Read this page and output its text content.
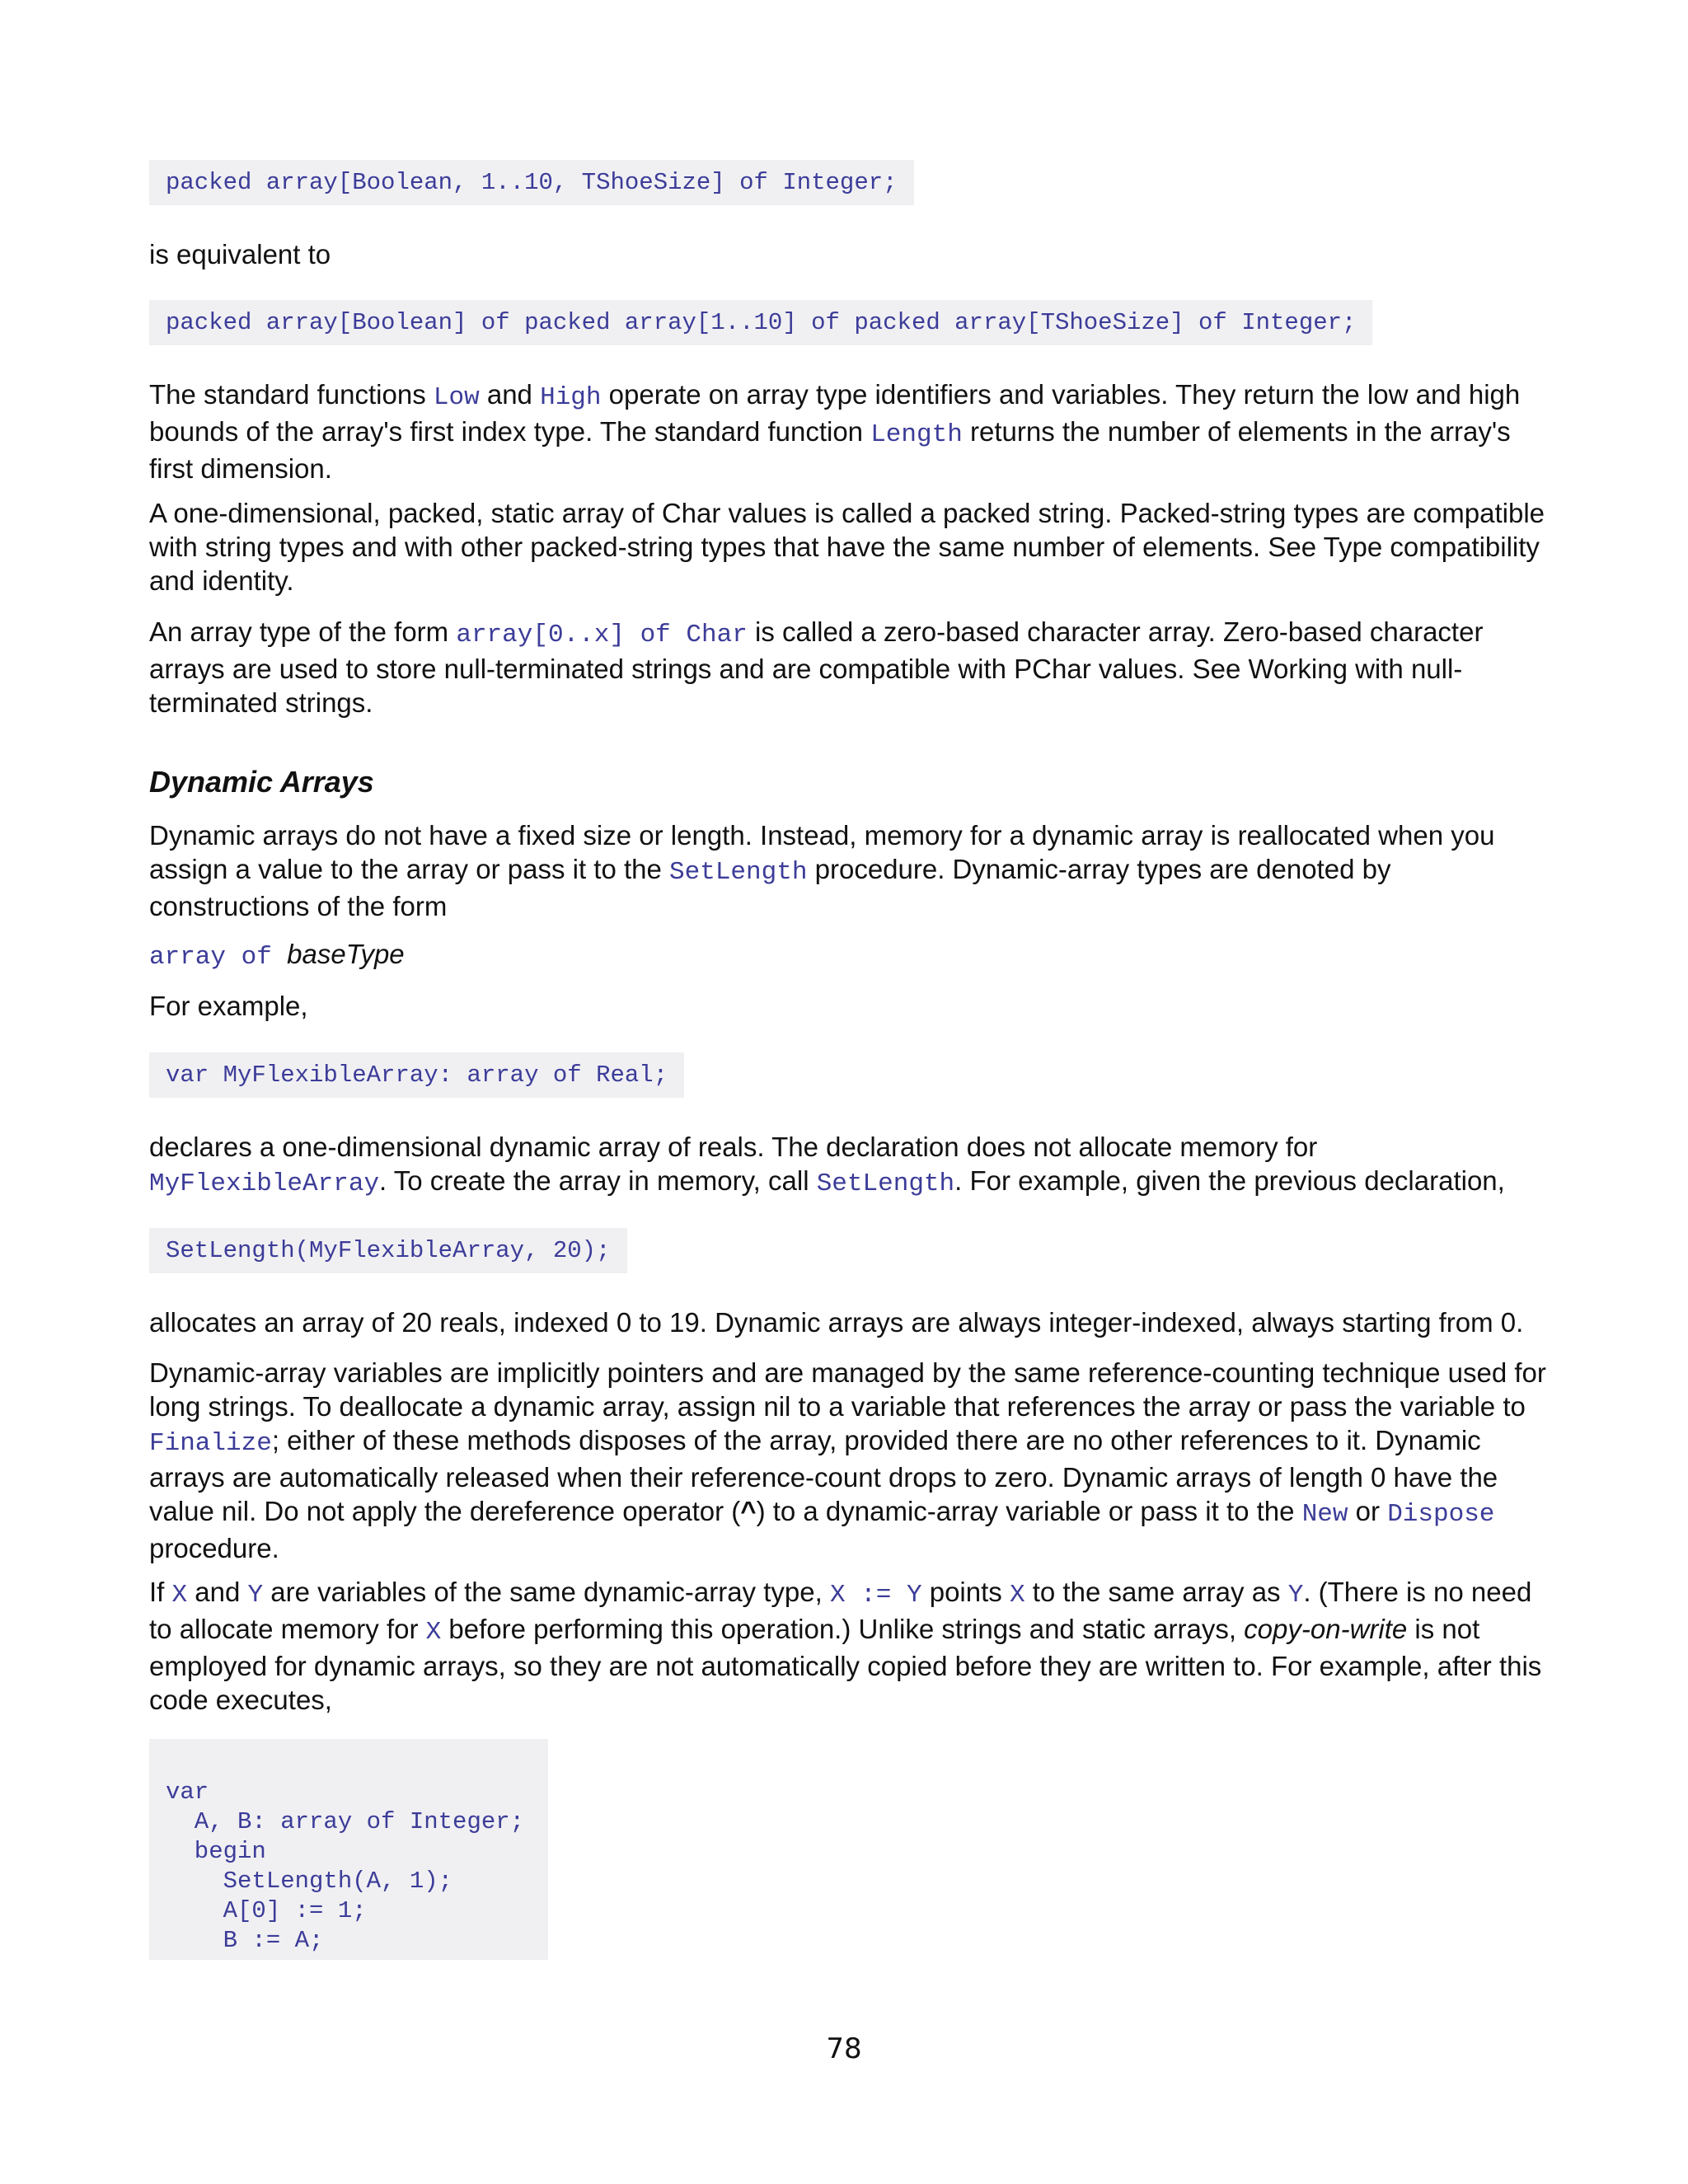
packed array[Boolean, 1..10, TShoeSize] of Integer;

is equivalent to

packed array[Boolean] of packed array[1..10] of packed array[TShoeSize] of Integer;

The standard functions Low and High operate on array type identifiers and variables. They return the low and high bounds of the array's first index type. The standard function Length returns the number of elements in the array's first dimension.

A one-dimensional, packed, static array of Char values is called a packed string. Packed-string types are compatible with string types and with other packed-string types that have the same number of elements. See Type compatibility and identity.

An array type of the form array[0..x] of Char is called a zero-based character array. Zero-based character arrays are used to store null-terminated strings and are compatible with PChar values. See Working with null-terminated strings.

Dynamic Arrays

Dynamic arrays do not have a fixed size or length. Instead, memory for a dynamic array is reallocated when you assign a value to the array or pass it to the SetLength procedure. Dynamic-array types are denoted by constructions of the form

array of baseType

For example,

var MyFlexibleArray: array of Real;

declares a one-dimensional dynamic array of reals. The declaration does not allocate memory for MyFlexibleArray. To create the array in memory, call SetLength. For example, given the previous declaration,

SetLength(MyFlexibleArray, 20);

allocates an array of 20 reals, indexed 0 to 19. Dynamic arrays are always integer-indexed, always starting from 0.

Dynamic-array variables are implicitly pointers and are managed by the same reference-counting technique used for long strings. To deallocate a dynamic array, assign nil to a variable that references the array or pass the variable to Finalize; either of these methods disposes of the array, provided there are no other references to it. Dynamic arrays are automatically released when their reference-count drops to zero. Dynamic arrays of length 0 have the value nil. Do not apply the dereference operator (^) to a dynamic-array variable or pass it to the New or Dispose procedure.

If X and Y are variables of the same dynamic-array type, X := Y points X to the same array as Y. (There is no need to allocate memory for X before performing this operation.) Unlike strings and static arrays, copy-on-write is not employed for dynamic arrays, so they are not automatically copied before they are written to. For example, after this code executes,

var
A, B: array of Integer;
begin
SetLength(A, 1);
A[0] := 1;
B := A;
78
